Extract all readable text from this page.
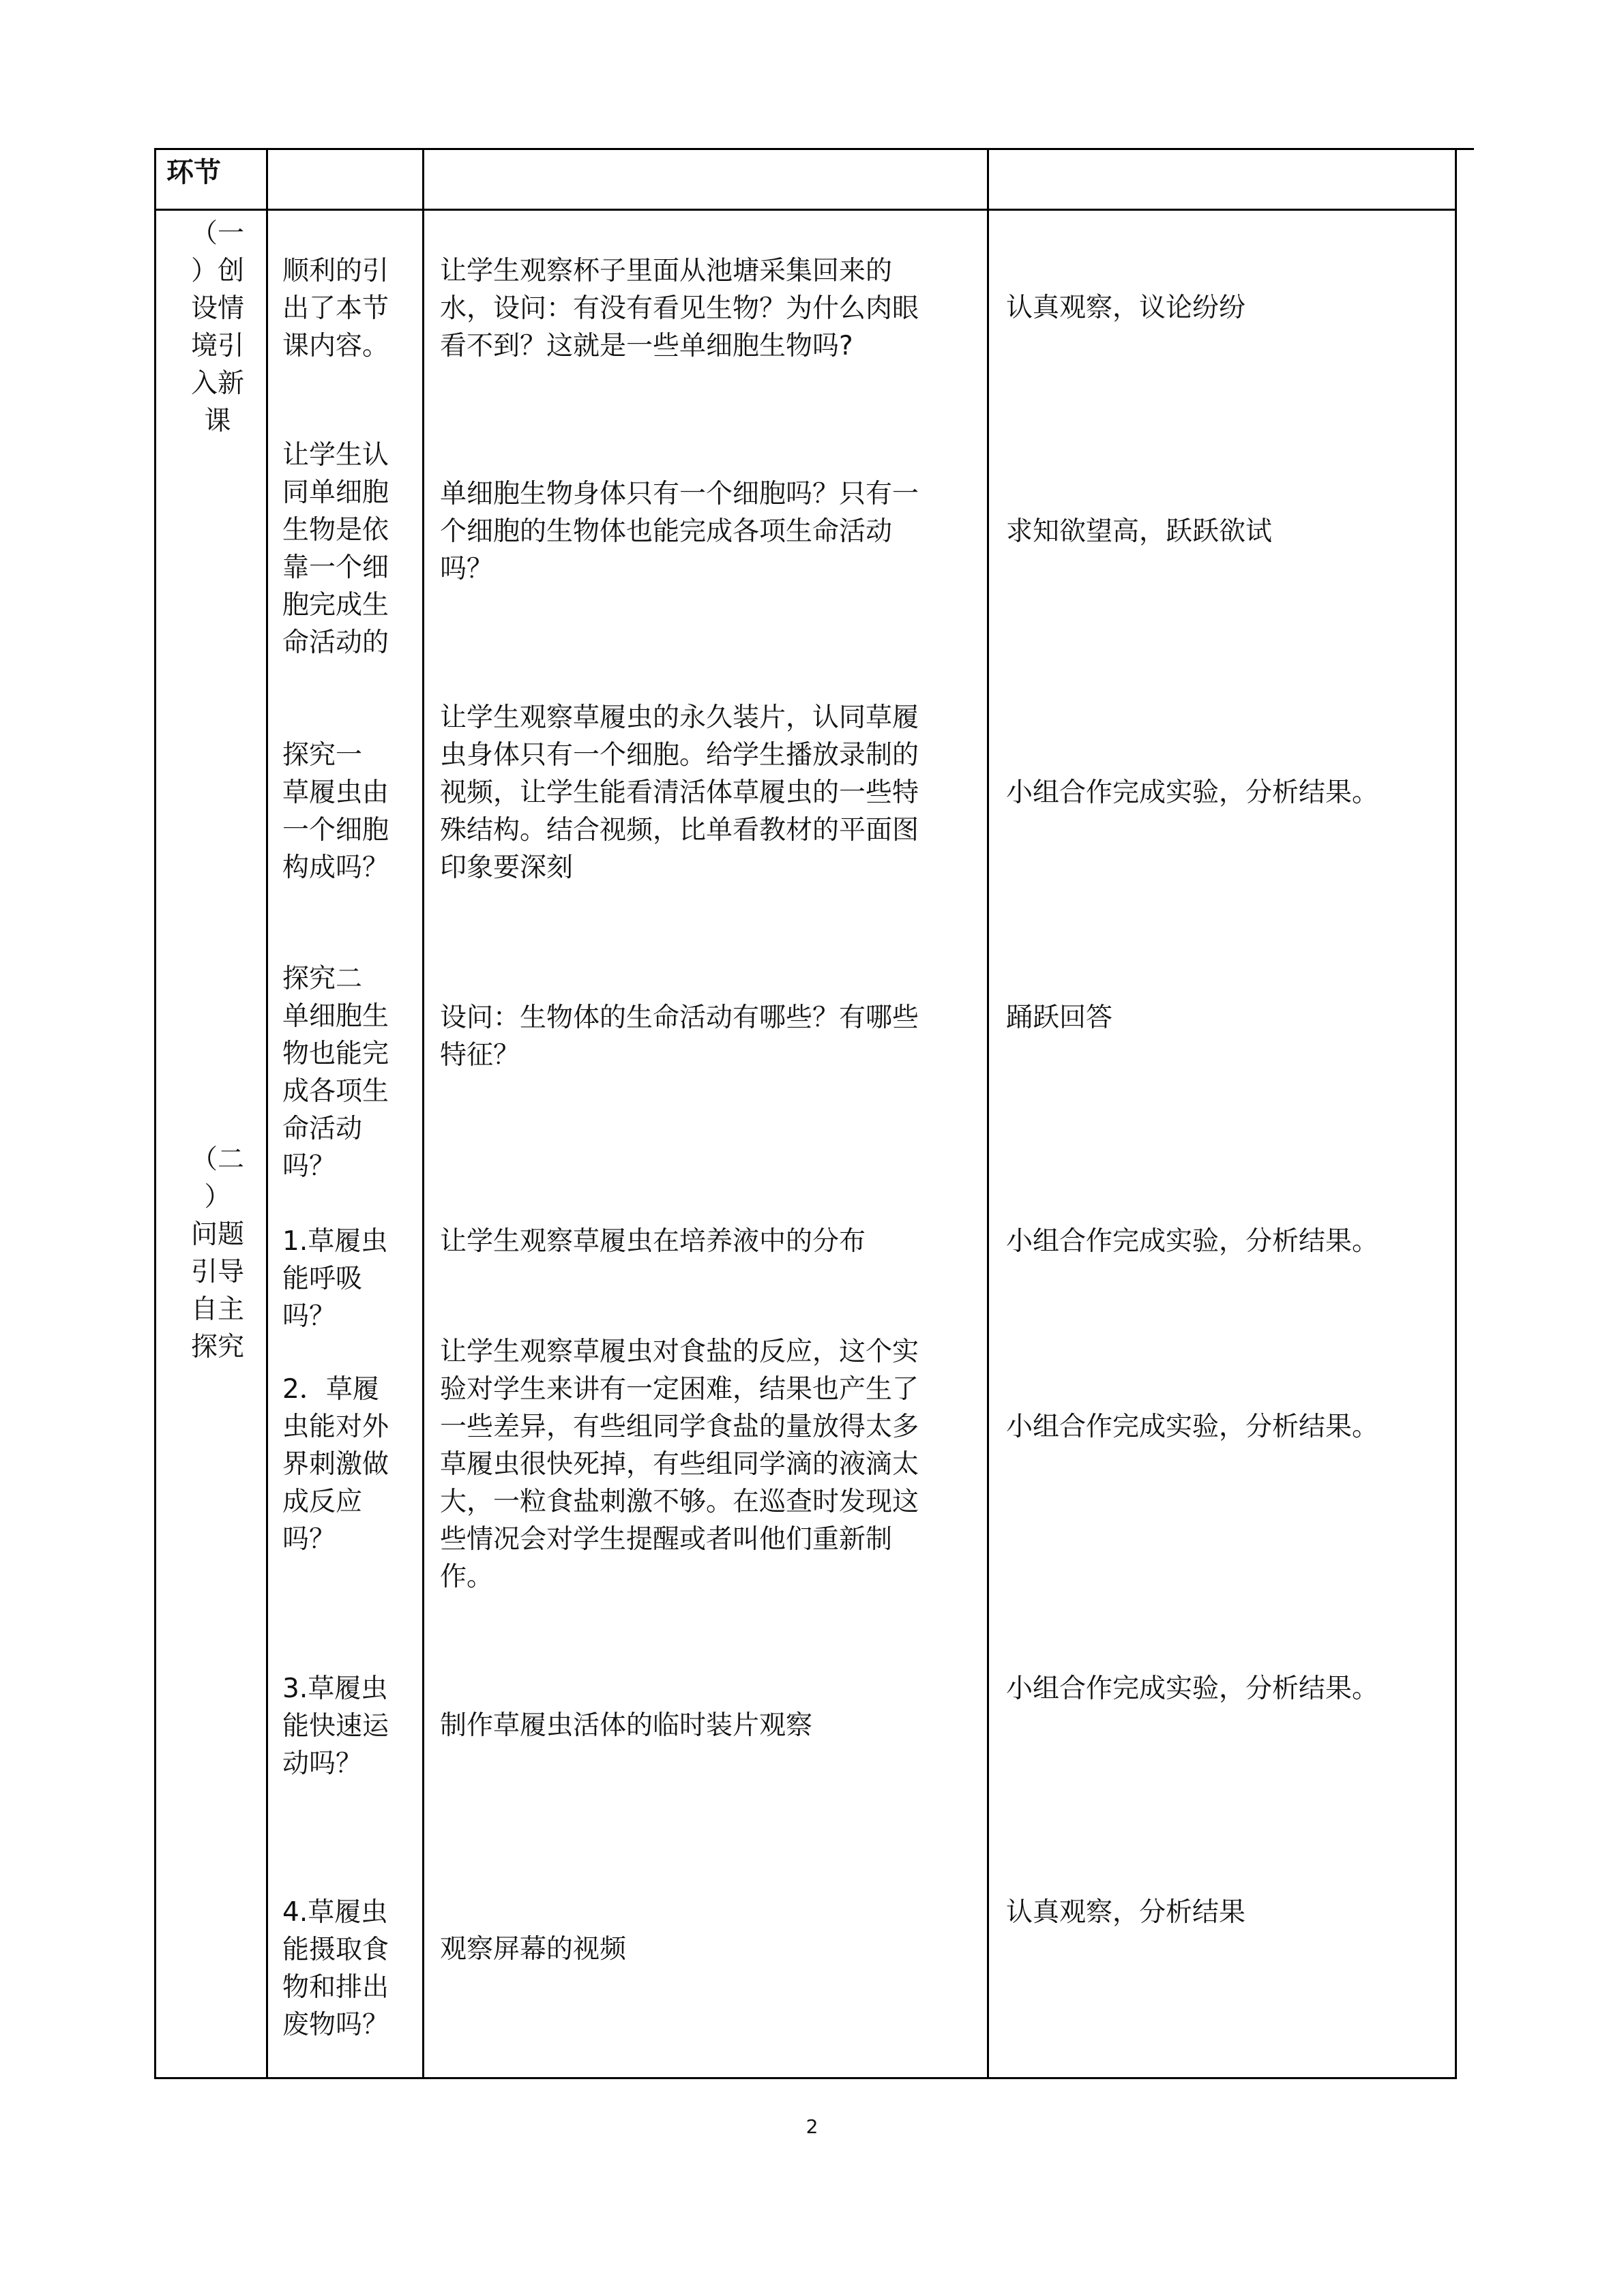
环节
（一
）创
设情
境引
入新
课
（二
）
问题
引导
自主
探究
顺利的引
出了本节
课内容。
让学生观察杯子里面从池塘采集回来的
水，设问：有没有看见生物？为什么肉眼
看不到？这就是一些单细胞生物吗?
认真观察，议论纷纷
让学生认
同单细胞
生物是依
靠一个细
胞完成生
命活动的
单细胞生物身体只有一个细胞吗？只有一
个细胞的生物体也能完成各项生命活动
吗？
求知欲望高，跃跃欲试
探究一
草履虫由
一个细胞
构成吗？
让学生观察草履虫的永久装片，认同草履
虫身体只有一个细胞。给学生播放录制的
视频，让学生能看清活体草履虫的一些特
殊结构。结合视频，比单看教材的平面图
印象要深刻
小组合作完成实验，分析结果。
探究二
单细胞生
物也能完
成各项生
命活动
吗？
设问：生物体的生命活动有哪些？有哪些
特征？
踊跃回答
1.草履虫
能呼吸
吗？
让学生观察草履虫在培养液中的分布	小组合作完成实验，分析结果。
2．草履
虫能对外
界刺激做
成反应
吗？
让学生观察草履虫对食盐的反应，这个实
验对学生来讲有一定困难，结果也产生了
一些差异，有些组同学食盐的量放得太多
草履虫很快死掉，有些组同学滴的液滴太
大，一粒食盐刺激不够。在巡查时发现这
些情况会对学生提醒或者叫他们重新制
作。
小组合作完成实验，分析结果。
3.草履虫
能快速运
动吗？
制作草履虫活体的临时装片观察
小组合作完成实验，分析结果。
4.草履虫
能摄取食
物和排出
废物吗？
观察屏幕的视频
认真观察，分析结果
2
